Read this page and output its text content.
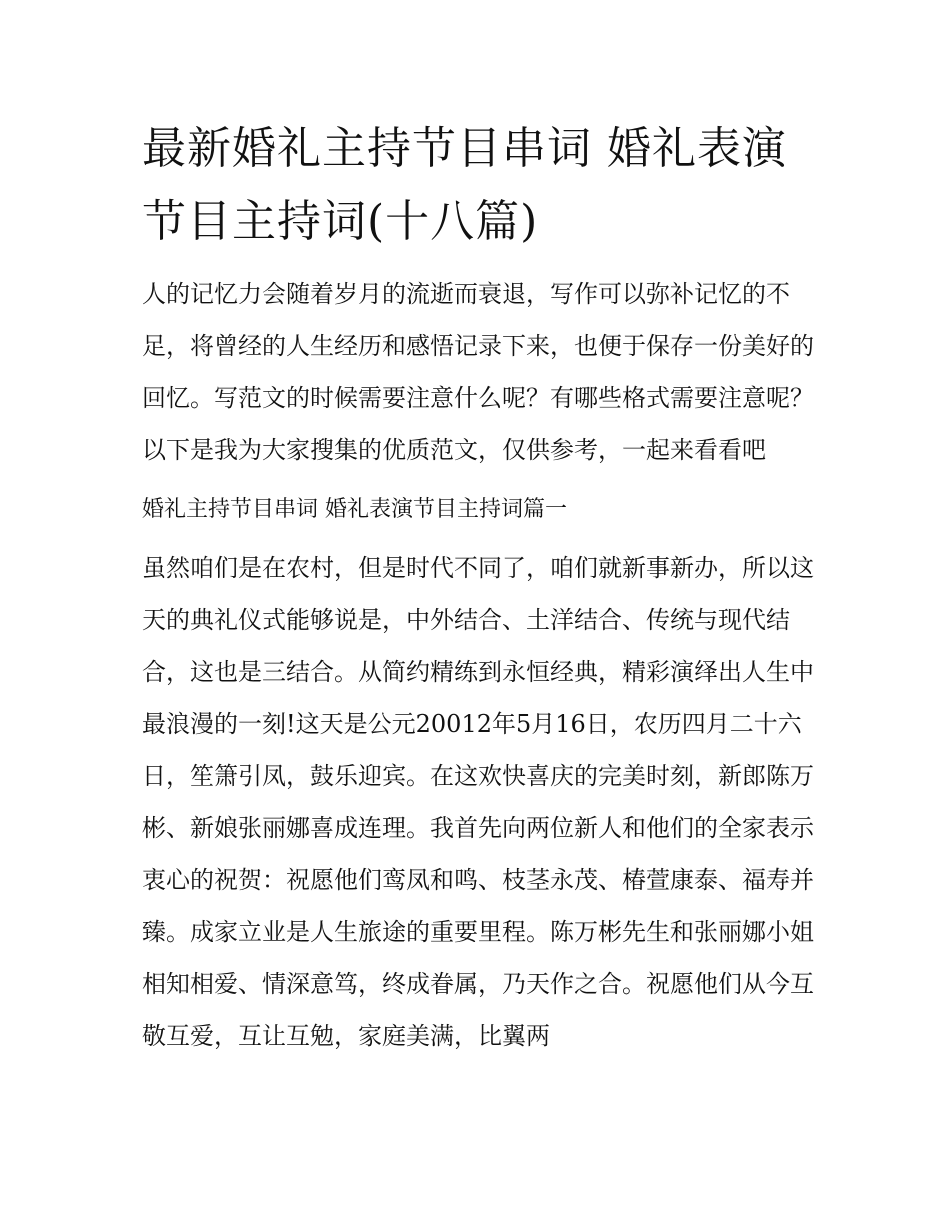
最新婚礼主持节目串词 婚礼表演节目主持词(十八篇)

人的记忆力会随着岁月的流逝而衰退，写作可以弥补记忆的不足，将曾经的人生经历和感悟记录下来，也便于保存一份美好的回忆。写范文的时候需要注意什么呢？有哪些格式需要注意呢？以下是我为大家搜集的优质范文，仅供参考，一起来看看吧

婚礼主持节目串词 婚礼表演节目主持词篇一

虽然咱们是在农村，但是时代不同了，咱们就新事新办，所以这天的典礼仪式能够说是，中外结合、土洋结合、传统与现代结合，这也是三结合。从简约精练到永恒经典，精彩演绎出人生中最浪漫的一刻!这天是公元20012年5月16日，农历四月二十六日，笙箫引凤，鼓乐迎宾。在这欢快喜庆的完美时刻，新郎陈万彬、新娘张丽娜喜成连理。我首先向两位新人和他们的全家表示衷心的祝贺：祝愿他们鸾凤和鸣、枝茎永茂、椿萱康泰、福寿并臻。成家立业是人生旅途的重要里程。陈万彬先生和张丽娜小姐相知相爱、情深意笃，终成眷属，乃天作之合。祝愿他们从今互敬互爱，互让互勉，家庭美满，比翼两
